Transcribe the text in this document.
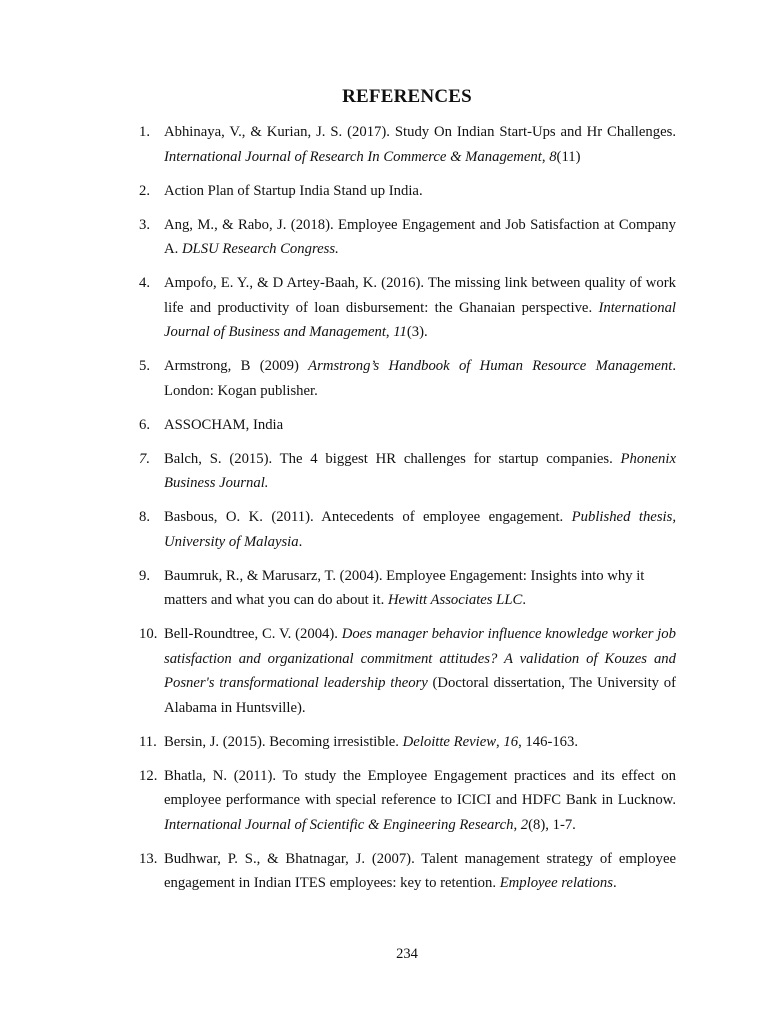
REFERENCES
1. Abhinaya, V., & Kurian, J. S. (2017). Study On Indian Start-Ups and Hr Challenges. International Journal of Research In Commerce & Management, 8(11)
2. Action Plan of Startup India Stand up India.
3. Ang, M., & Rabo, J. (2018). Employee Engagement and Job Satisfaction at Company A. DLSU Research Congress.
4. Ampofo, E. Y., & D Artey-Baah, K. (2016). The missing link between quality of work life and productivity of loan disbursement: the Ghanaian perspective. International Journal of Business and Management, 11(3).
5. Armstrong, B (2009) Armstrong’s Handbook of Human Resource Management. London: Kogan publisher.
6. ASSOCHAM, India
7. Balch, S. (2015). The 4 biggest HR challenges for startup companies. Phonenix Business Journal.
8. Basbous, O. K. (2011). Antecedents of employee engagement. Published thesis, University of Malaysia.
9. Baumruk, R., & Marusarz, T. (2004). Employee Engagement: Insights into why it matters and what you can do about it. Hewitt Associates LLC.
10. Bell-Roundtree, C. V. (2004). Does manager behavior influence knowledge worker job satisfaction and organizational commitment attitudes? A validation of Kouzes and Posner's transformational leadership theory (Doctoral dissertation, The University of Alabama in Huntsville).
11. Bersin, J. (2015). Becoming irresistible. Deloitte Review, 16, 146-163.
12. Bhatla, N. (2011). To study the Employee Engagement practices and its effect on employee performance with special reference to ICICI and HDFC Bank in Lucknow. International Journal of Scientific & Engineering Research, 2(8), 1-7.
13. Budhwar, P. S., & Bhatnagar, J. (2007). Talent management strategy of employee engagement in Indian ITES employees: key to retention. Employee relations.
234
